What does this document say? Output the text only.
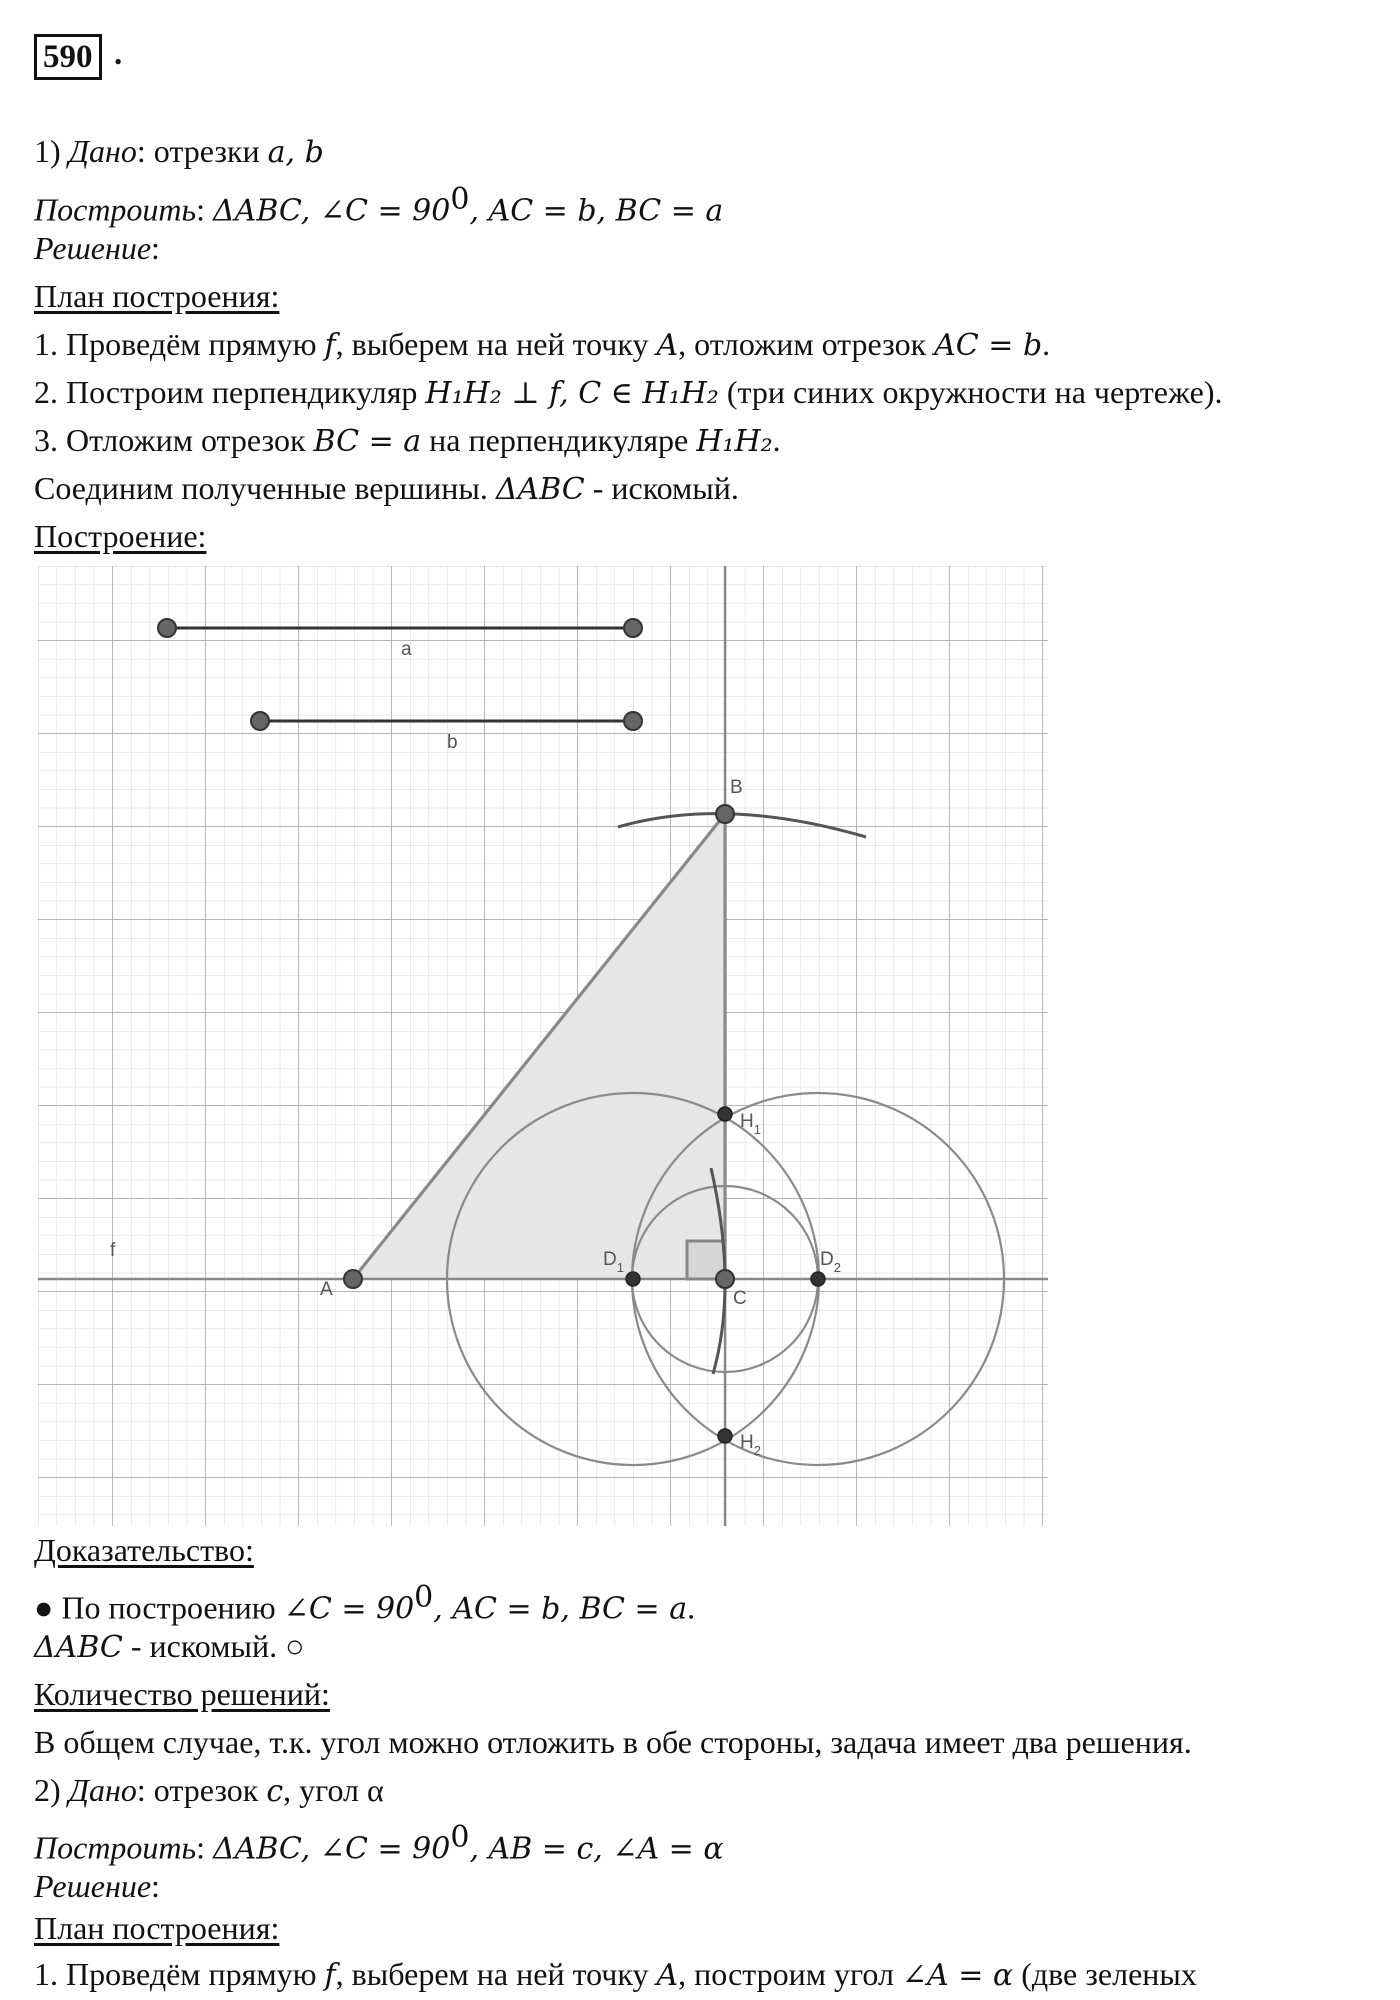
590 .
1) Дано: отрезки a, b
Построить: ΔABC, ∠C = $90^0$, AC = b, BC = a
Решение:
План построения:
1. Проведём прямую f, выберем на ней точку A, отложим отрезок AC = b.
2. Построим перпендикуляр H₁H₂ ⊥ f, C ∈ H₁H₂ (три синих окружности на чертеже).
3. Отложим отрезок BC = a на перпендикуляре H₁H₂.
Соединим полученные вершины. ΔABC - искомый.
Построение:
a
b
B
$H_1$
f
A
$D_1$	$D_2$
C
$H_2$
Доказательство:
● По построению ∠C = $90^0$, AC = b, BC = a.
ΔABC - искомый. ○
Количество решений:
В общем случае, т.к. угол можно отложить в обе стороны, задача имеет два решения.
2) Дано: отрезок c, угол α
Построить: ΔABC, ∠C = $90^0$, AB = c, ∠A = α
Решение:
План построения:
1. Проведём прямую f, выберем на ней точку A, построим угол ∠A = α (две зеленых
